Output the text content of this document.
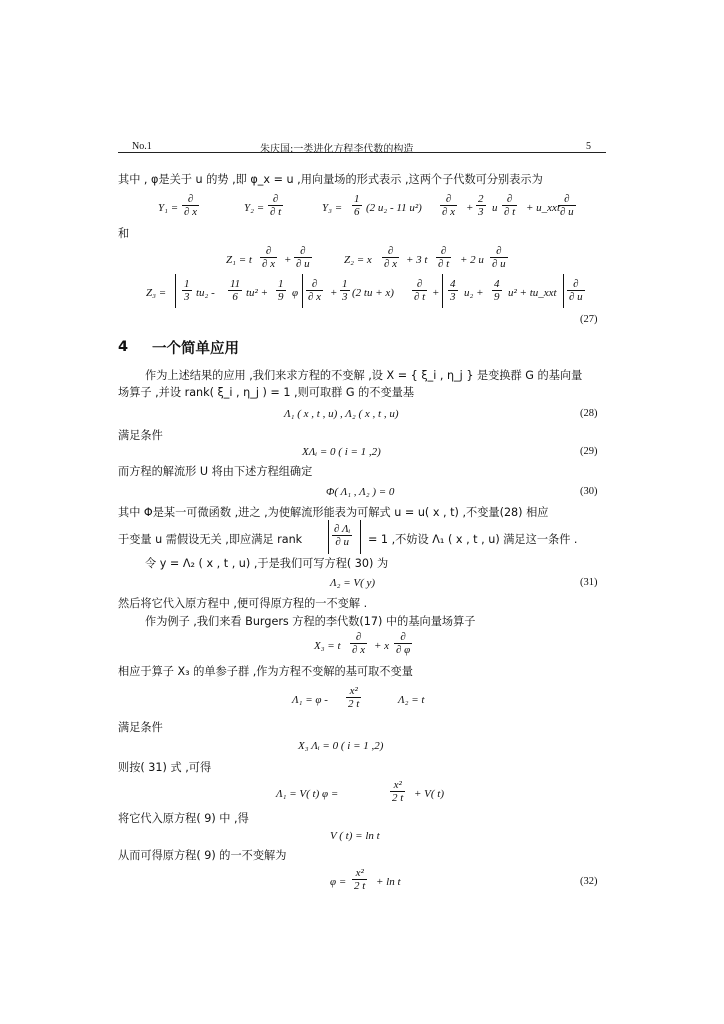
No.1	朱庆国:一类进化方程李代数的构造	5
其中 , φ是关于 u 的势 ,即 φ_x = u ,用向量场的形式表示 ,这两个子代数可分别表示为
Y₁ =
∂
∂ x	Y₂ =
∂
∂ t	$Y_3 = \frac{1}{6} (2$ u₂ - 11 u²)
∂
∂ $x + \frac{2}{3}$ u
∂
∂ t + u_xxt
∂
∂ u
和
Z₁ = t
∂
∂ x +
∂
∂ u	Z₂ = x
∂
∂ x + 3 t
∂
∂ t + 2 u
∂
∂ u
$Z_3 = \frac{1}{3} tu_2 - \frac{11}{6} tu^2 + \frac{1}{9}$ φ
∂
∂ $x + \frac{1}{3} (2$ tu + x)
∂
∂ $t + \frac{4}{3} u_2 + \frac{4}{9} u^2$ + tu_xxt
∂
∂ u
(27)
4 一个简单应用
作为上述结果的应用 ,我们来求方程的不变解 ,设 X = { ξ_i , η_j } 是变换群 G 的基向量
场算子 ,并设 rank( ξ_i , η_j ) = 1 ,则可取群 G 的不变量基
Λ₁ ( x , t , u) , Λ₂ ( x , t , u)	(28)
满足条件
XΛᵢ = 0 ( i = 1 ,2)	(29)
而方程的解流形 U 将由下述方程组确定
Φ( Λ₁ , Λ₂ ) = 0	(30)
其中 Φ是某一可微函数 ,进之 ,为使解流形能表为可解式 u = u( x , t) ,不变量(28) 相应
于变量 u 需假设无关 ,即应满足 rank	$\frac{\text{∂ Λᵢ}}{\partial u} = 1$ ,不妨设 Λ₁ ( x , t , u) 满足这一条件 .
令 y = Λ₂ ( x , t , u) ,于是我们可写方程( 30) 为
Λ₂ = V( y)	(31)
然后将它代入原方程中 ,便可得原方程的一不变解 .
作为例子 ,我们来看 Burgers 方程的李代数(17) 中的基向量场算子
X₃ = t
∂
∂ x + x
∂
∂ φ
相应于算子 X₃ 的单参子群 ,作为方程不变解的基可取不变量
$\Lambda_1 = \varphi - \frac{\text{x²}}{2 t}$	Λ₂ = t
满足条件
X₃ Λᵢ = 0 ( i = 1 ,2)
则按( 31) 式 ,可得
Λ₁ = V( t) φ =	$\frac{\text{x²}}{2 t} + V$( t)
将它代入原方程( 9) 中 ,得
V ( t) = ln t
从而可得原方程( 9) 的一不变解为
$\varphi = \frac{\text{x²}}{2 t} + \ln t$	(32)
